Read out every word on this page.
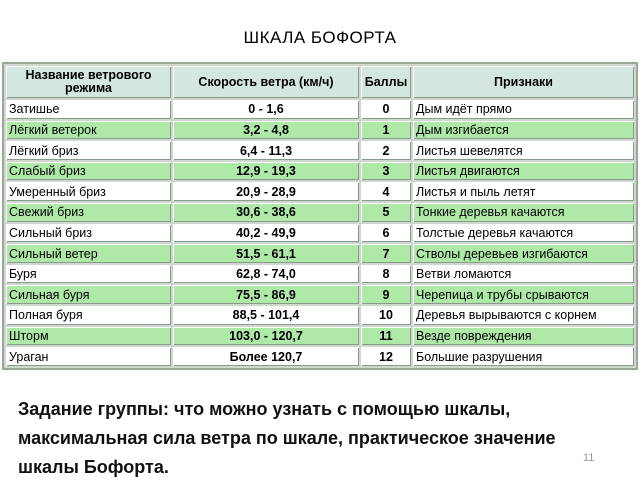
ШКАЛА БОФОРТА
Название ветрового режима	Скорость ветра (км/ч)	Баллы	Признаки
Затишье	0 - 1,6	0	Дым идёт прямо
Лёгкий ветерок	3,2 - 4,8	1	Дым изгибается
Лёгкий бриз	6,4 - 11,3	2	Листья шевелятся
Слабый бриз	12,9 - 19,3	3	Листья двигаются
Умеренный бриз	20,9 - 28,9	4	Листья и пыль летят
Свежий бриз	30,6 - 38,6	5	Тонкие деревья качаются
Сильный бриз	40,2 - 49,9	6	Толстые деревья качаются
Сильный ветер	51,5 - 61,1	7	Стволы деревьев изгибаются
Буря	62,8 - 74,0	8	Ветви ломаются
Сильная буря	75,5 - 86,9	9	Черепица и трубы срываются
Полная буря	88,5 - 101,4	10	Деревья вырываются с корнем
Шторм	103,0 - 120,7	11	Везде повреждения
Ураган	Более 120,7	12	Большие разрушения
Задание группы: что можно узнать с помощью шкалы, максимальная сила ветра по шкале, практическое значение шкалы Бофорта.	11
